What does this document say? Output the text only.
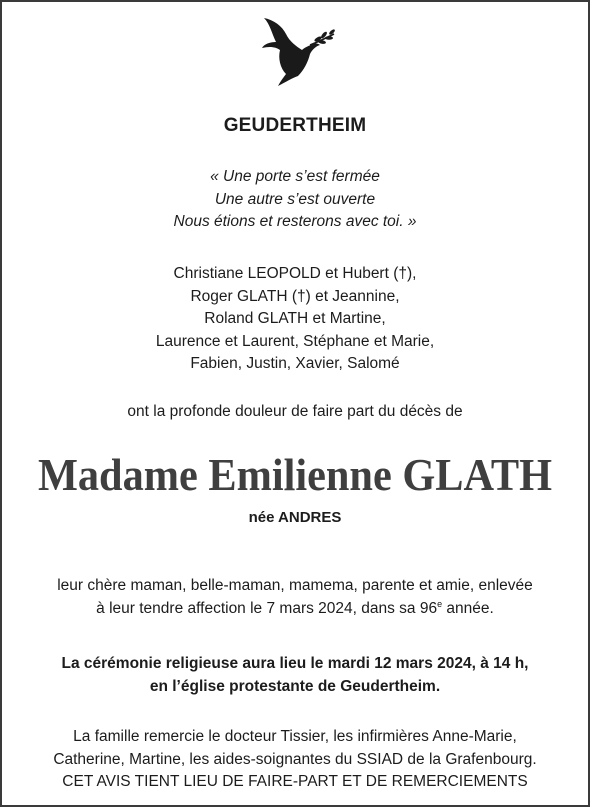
GEUDERTHEIM
« Une porte s’est fermée
Une autre s’est ouverte
Nous étions et resterons avec toi. »
Christiane LEOPOLD et Hubert (†),
Roger GLATH (†) et Jeannine,
Roland GLATH et Martine,
Laurence et Laurent, Stéphane et Marie,
Fabien, Justin, Xavier, Salomé
ont la profonde douleur de faire part du décès de
Madame Emilienne GLATH
née ANDRES
leur chère maman, belle-maman, mamema, parente et amie, enlevée
à leur tendre affection le 7 mars 2024, dans sa 96e année.
La cérémonie religieuse aura lieu le mardi 12 mars 2024, à 14 h,
en l’église protestante de Geudertheim.
La famille remercie le docteur Tissier, les infirmières Anne-Marie,
Catherine, Martine, les aides-soignantes du SSIAD de la Grafenbourg.
CET AVIS TIENT LIEU DE FAIRE-PART ET DE REMERCIEMENTS
